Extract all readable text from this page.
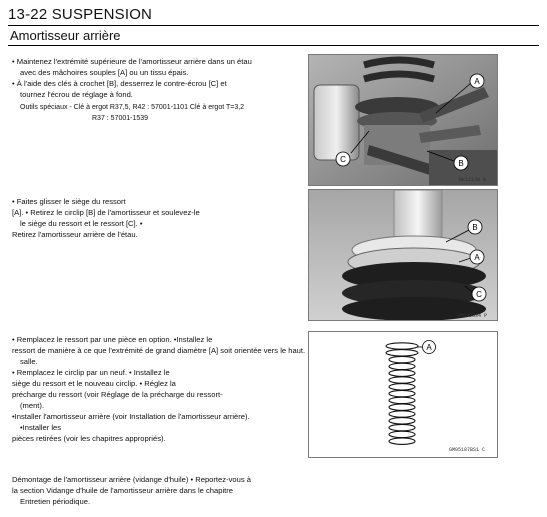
13-22 SUSPENSION
Amortisseur arrière

• Maintenez l'extrémité supérieure de l'amortisseur arrière dans un étau

avec des mâchoires souples [A] ou un tissu épais.

• À l'aide des clés à crochet [B], desserrez le contre-écrou [C] et

tournez l'écrou de réglage à fond.

Outils spéciaux - Clé à ergot R37,5, R42 : 57001-1101 Clé à ergot T=3,2

R37 : 57001-1539

A
B
C
BK12130 B

• Faites glisser le siège du ressort

[A]. • Retirez le circlip [B] de l'amortisseur et soulevez-le

le siège du ressort et le ressort [C]. •

Retirez l'amortisseur arrière de l'étau.

B
A
C
GM030334 P

• Remplacez le ressort par une pièce en option. •Installez le

ressort de manière à ce que l'extrémité de grand diamètre [A] soit orientée vers le haut.

salle.

• Remplacez le circlip par un neuf. • Installez le

siège du ressort et le nouveau circlip. • Réglez la

précharge du ressort (voir Réglage de la précharge du ressort-

(ment).

•Installer l'amortisseur arrière (voir Installation de l'amortisseur arrière).

•Installer les

pièces retirées (voir les chapitres appropriés).

A
GM05187BS1 C

Démontage de l'amortisseur arrière (vidange d'huile) • Reportez-vous à

la section Vidange d'huile de l'amortisseur arrière dans le chapitre

Entretien périodique.
